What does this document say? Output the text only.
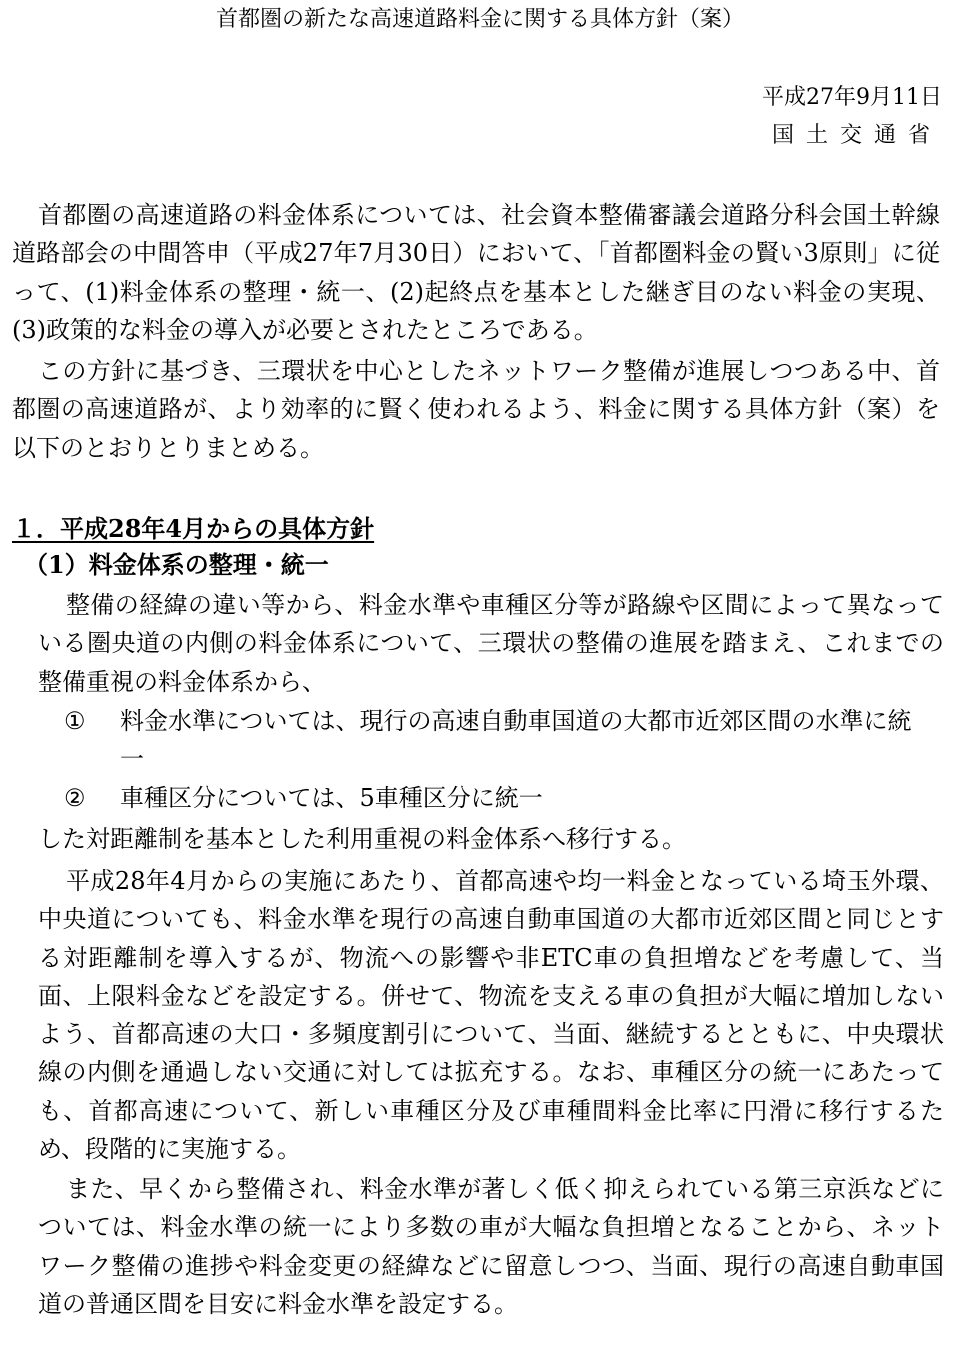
首都圏の新たな高速道路料金に関する具体方針（案）
平成27年9月11日
国土交通省

首都圏の高速道路の料金体系については、社会資本整備審議会道路分科会国土幹線道路部会の中間答申（平成27年7月30日）において、「首都圏料金の賢い3原則」に従って、(1)料金体系の整理・統一、(2)起終点を基本とした継ぎ目のない料金の実現、(3)政策的な料金の導入が必要とされたところである。

この方針に基づき、三環状を中心としたネットワーク整備が進展しつつある中、首都圏の高速道路が、より効率的に賢く使われるよう、料金に関する具体方針（案）を以下のとおりとりまとめる。

１．平成28年4月からの具体方針
（1）料金体系の整理・統一

整備の経緯の違い等から、料金水準や車種区分等が路線や区間によって異なっている圏央道の内側の料金体系について、三環状の整備の進展を踏まえ、これまでの整備重視の料金体系から、

①	料金水準については、現行の高速自動車国道の大都市近郊区間の水準に統一
②	車種区分については、5車種区分に統一

した対距離制を基本とした利用重視の料金体系へ移行する。

平成28年4月からの実施にあたり、首都高速や均一料金となっている埼玉外環、中央道についても、料金水準を現行の高速自動車国道の大都市近郊区間と同じとする対距離制を導入するが、物流への影響や非ETC車の負担増などを考慮して、当面、上限料金などを設定する。併せて、物流を支える車の負担が大幅に増加しないよう、首都高速の大口・多頻度割引について、当面、継続するとともに、中央環状線の内側を通過しない交通に対しては拡充する。なお、車種区分の統一にあたっても、首都高速について、新しい車種区分及び車種間料金比率に円滑に移行するため、段階的に実施する。

また、早くから整備され、料金水準が著しく低く抑えられている第三京浜などについては、料金水準の統一により多数の車が大幅な負担増となることから、ネットワーク整備の進捗や料金変更の経緯などに留意しつつ、当面、現行の高速自動車国道の普通区間を目安に料金水準を設定する。
